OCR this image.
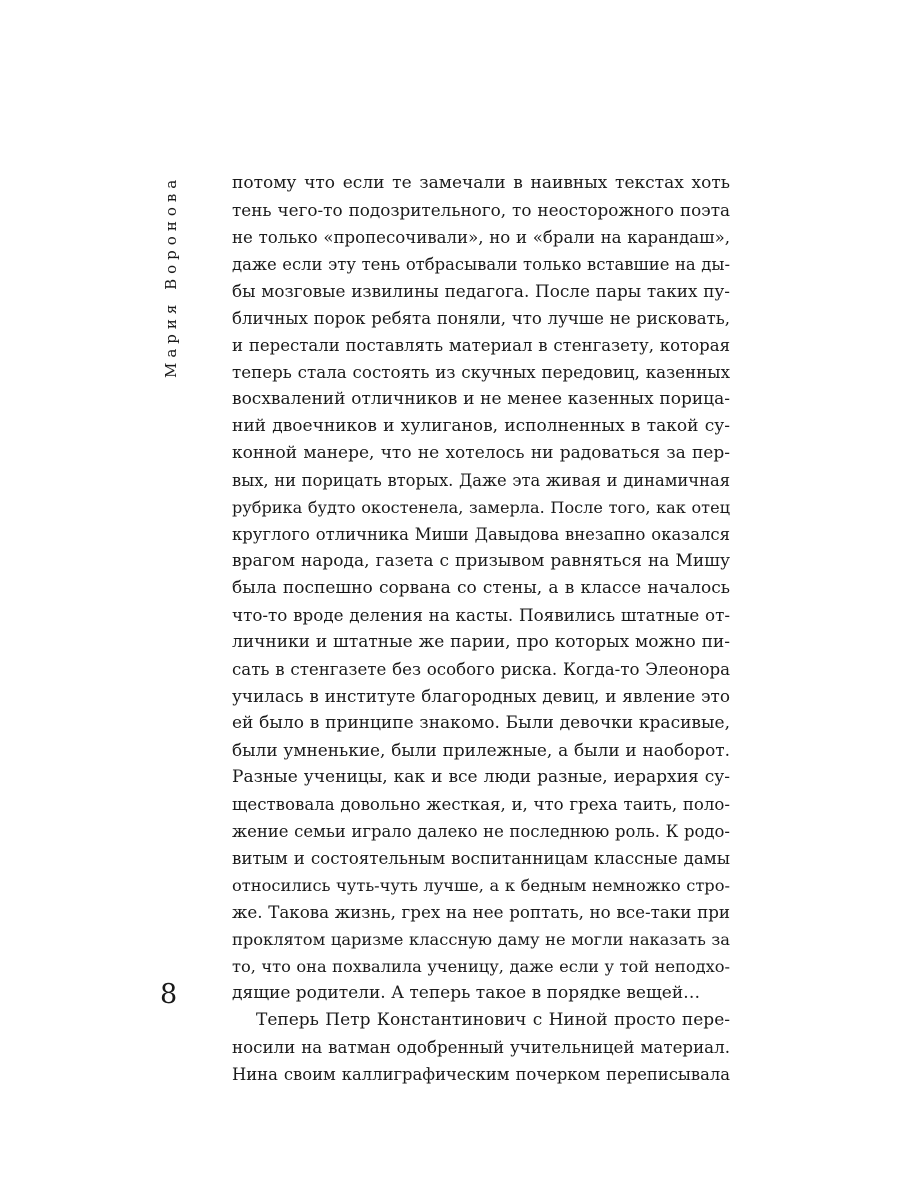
Мария Воронова
8
потому что если те замечали в наивных текстах хоть
тень чего-то подозрительного, то неосторожного поэта
не только «пропесочивали», но и «брали на карандаш»,
даже если эту тень отбрасывали только вставшие на ды-
бы мозговые извилины педагога. После пары таких пу-
бличных порок ребята поняли, что лучше не рисковать,
и перестали поставлять материал в стенгазету, которая
теперь стала состоять из скучных передовиц, казенных
восхвалений отличников и не менее казенных порица-
ний двоечников и хулиганов, исполненных в такой су-
конной манере, что не хотелось ни радоваться за пер-
вых, ни порицать вторых. Даже эта живая и динамичная
рубрика будто окостенела, замерла. После того, как отец
круглого отличника Миши Давыдова внезапно оказался
врагом народа, газета с призывом равняться на Мишу
была поспешно сорвана со стены, а в классе началось
что-то вроде деления на касты. Появились штатные от-
личники и штатные же парии, про которых можно пи-
сать в стенгазете без особого риска. Когда-то Элеонора
училась в институте благородных девиц, и явление это
ей было в принципе знакомо. Были девочки красивые,
были умненькие, были прилежные, а были и наоборот.
Разные ученицы, как и все люди разные, иерархия су-
ществовала довольно жесткая, и, что греха таить, поло-
жение семьи играло далеко не последнюю роль. К родо-
витым и состоятельным воспитанницам классные дамы
относились чуть-чуть лучше, а к бедным немножко стро-
же. Такова жизнь, грех на нее роптать, но все-таки при
проклятом царизме классную даму не могли наказать за
то, что она похвалила ученицу, даже если у той неподхо-
дящие родители. А теперь такое в порядке вещей…
Теперь Петр Константинович с Ниной просто пере-
носили на ватман одобренный учительницей материал.
Нина своим каллиграфическим почерком переписывала
